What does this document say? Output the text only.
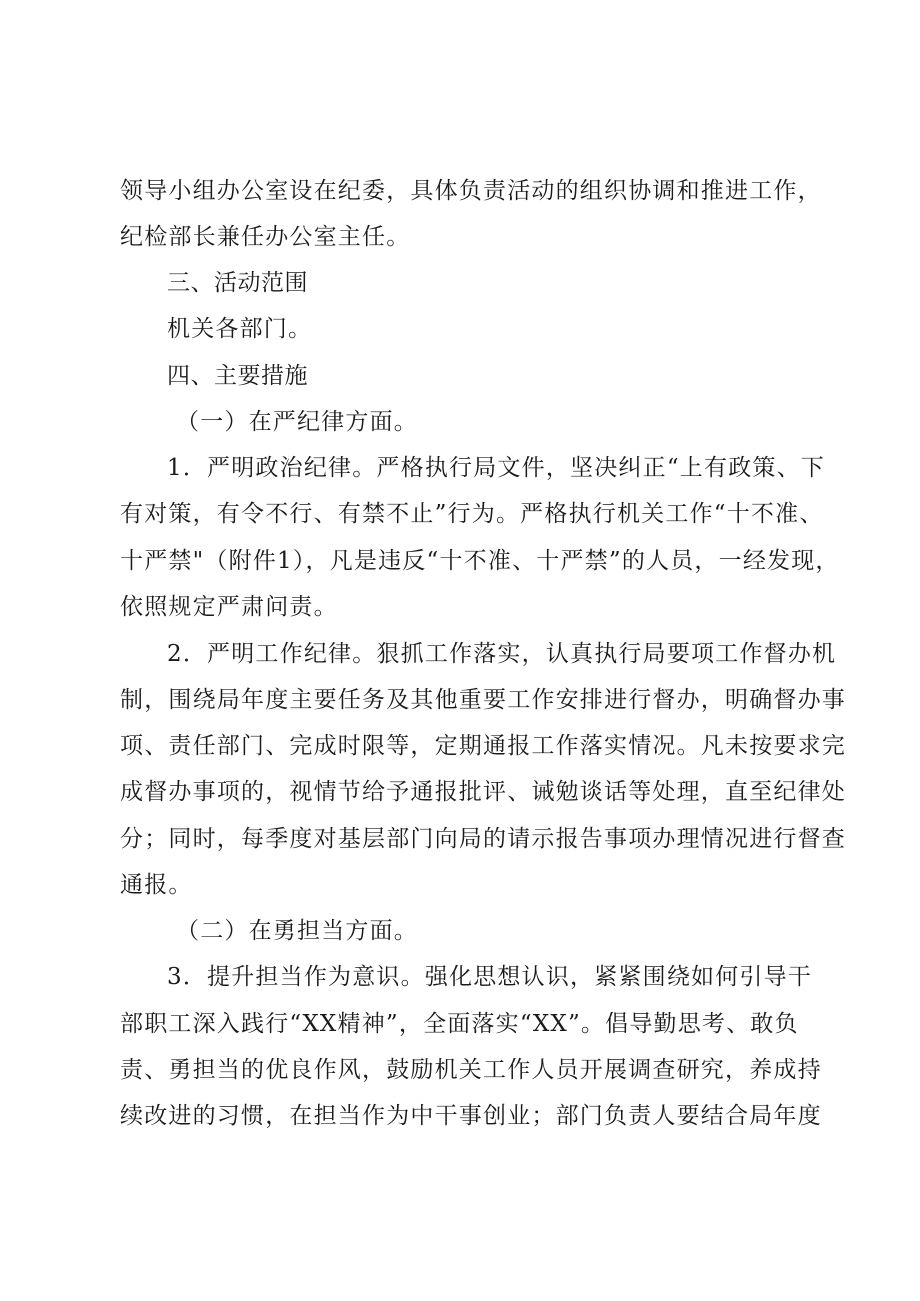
领导小组办公室设在纪委，具体负责活动的组织协调和推进工作，
纪检部长兼任办公室主任。
三、活动范围
机关各部门。
四、主要措施
（一）在严纪律方面。
1．严明政治纪律。严格执行局文件，坚决纠正“上有政策、下
有对策，有令不行、有禁不止”行为。严格执行机关工作“十不准、
十严禁"（附件1），凡是违反“十不准、十严禁”的人员，一经发现，
依照规定严肃问责。
2．严明工作纪律。狠抓工作落实，认真执行局要项工作督办机
制，围绕局年度主要任务及其他重要工作安排进行督办，明确督办事
项、责任部门、完成时限等，定期通报工作落实情况。凡未按要求完
成督办事项的，视情节给予通报批评、诫勉谈话等处理，直至纪律处
分；同时，每季度对基层部门向局的请示报告事项办理情况进行督查
通报。
（二）在勇担当方面。
3．提升担当作为意识。强化思想认识，紧紧围绕如何引导干
部职工深入践行“XX精神”，全面落实“XX”。倡导勤思考、敢负
责、勇担当的优良作风，鼓励机关工作人员开展调查研究，养成持
续改进的习惯，在担当作为中干事创业；部门负责人要结合局年度
